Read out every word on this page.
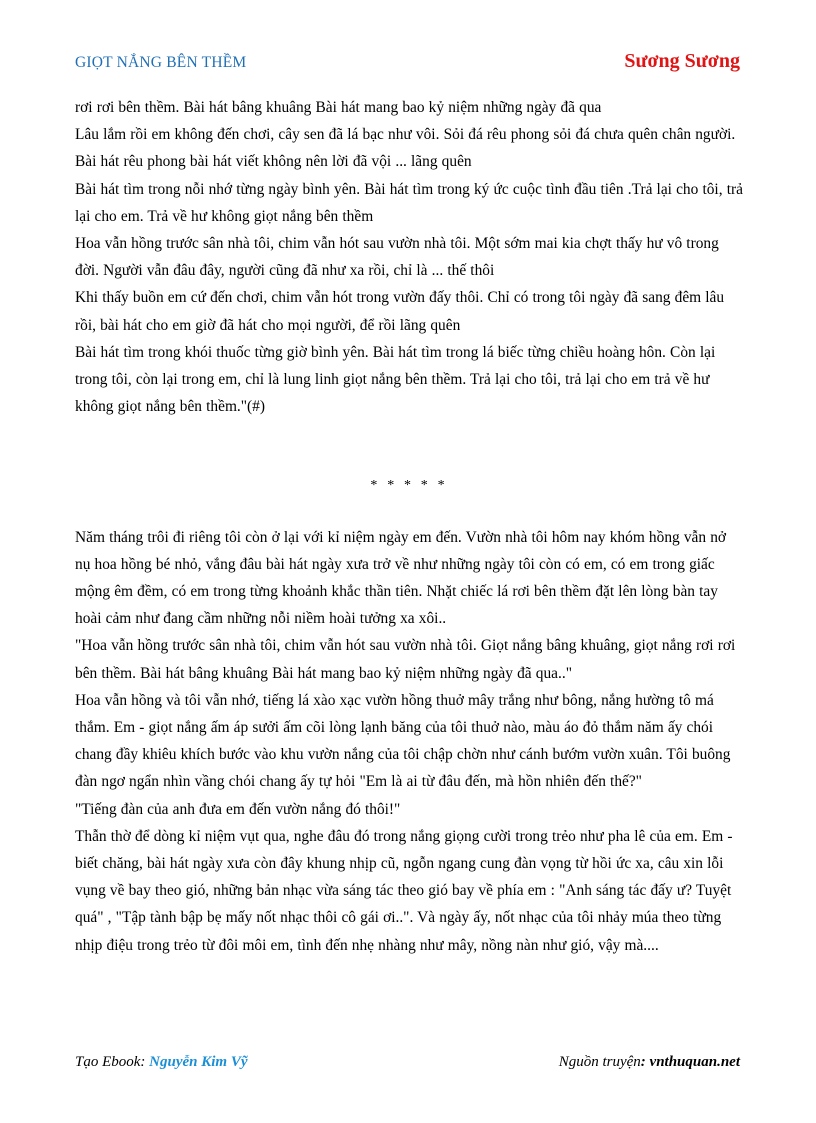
GIỌT NẮNG BÊN THỀM	Sương Sương

rơi rơi bên thềm. Bài hát bâng khuâng Bài hát mang bao kỷ niệm những ngày đã qua

Lâu lắm rồi em không đến chơi, cây sen đã lá bạc như vôi. Sỏi đá rêu phong sỏi đá chưa quên chân người. Bài hát rêu phong bài hát viết không nên lời đã vội ... lãng quên

Bài hát tìm trong nỗi nhớ từng ngày bình yên. Bài hát tìm trong ký ức cuộc tình đầu tiên .Trả lại cho tôi, trả lại cho em. Trả về hư không giọt nắng bên thềm

Hoa vẫn hồng trước sân nhà tôi, chim vẫn hót sau vườn nhà tôi. Một sớm mai kia chợt thấy hư vô trong đời. Người vẫn đâu đây, người cũng đã như xa rồi, chỉ là ... thế thôi

Khi thấy buồn em cứ đến chơi, chim vẫn hót trong vườn đấy thôi. Chỉ có trong tôi ngày đã sang đêm lâu rồi, bài hát cho em giờ đã hát cho mọi người, để rồi lãng quên

Bài hát tìm trong khói thuốc từng giờ bình yên. Bài hát tìm trong lá biếc từng chiều hoàng hôn. Còn lại trong tôi, còn lại trong em, chỉ là lung linh giọt nắng bên thềm. Trả lại cho tôi, trả lại cho em trả về hư không giọt nắng bên thềm."(#)

* * * * *

Năm tháng trôi đi riêng tôi còn ở lại với kỉ niệm ngày em đến. Vườn nhà tôi hôm nay khóm hồng vẫn nở nụ hoa hồng bé nhỏ, vắng đâu bài hát ngày xưa trở về như những ngày tôi còn có em, có em trong giấc mộng êm đềm, có em trong từng khoảnh khắc thần tiên. Nhặt chiếc lá rơi bên thềm đặt lên lòng bàn tay hoài cảm như đang cầm những nỗi niềm hoài tưởng xa xôi..

"Hoa vẫn hồng trước sân nhà tôi, chim vẫn hót sau vườn nhà tôi. Giọt nắng bâng khuâng, giọt nắng rơi rơi bên thềm. Bài hát bâng khuâng Bài hát mang bao kỷ niệm những ngày đã qua.."

Hoa vẫn hồng và tôi vẫn nhớ, tiếng lá xào xạc vườn hồng thuở mây trắng như bông, nắng hường tô má thắm. Em - giọt nắng ấm áp sưởi ấm cõi lòng lạnh băng của tôi thuở nào, màu áo đỏ thắm năm ấy chói chang đầy khiêu khích bước vào khu vườn nắng của tôi chập chờn như cánh bướm vườn xuân. Tôi buông đàn ngơ ngẩn nhìn vầng chói chang ấy tự hỏi "Em là ai từ đâu đến, mà hồn nhiên đến thế?"

"Tiếng đàn của anh đưa em đến vườn nắng đó thôi!"

Thẫn thờ để dòng kỉ niệm vụt qua, nghe đâu đó trong nắng giọng cười trong trẻo như pha lê của em. Em - biết chăng, bài hát ngày xưa còn đây khung nhịp cũ, ngỗn ngang cung đàn vọng từ hồi ức xa, câu xin lỗi vụng về bay theo gió, những bản nhạc vừa sáng tác theo gió bay về phía em : "Anh sáng tác đấy ư? Tuyệt quá" , "Tập tành bập bẹ mấy nốt nhạc thôi cô gái ơi..". Và ngày ấy, nốt nhạc của tôi nhảy múa theo từng nhịp điệu trong trẻo từ đôi môi em, tình đến nhẹ nhàng như mây, nồng nàn như gió, vậy mà....

Tạo Ebook: Nguyễn Kim Vỹ	Nguồn truyện: vnthuquan.net
